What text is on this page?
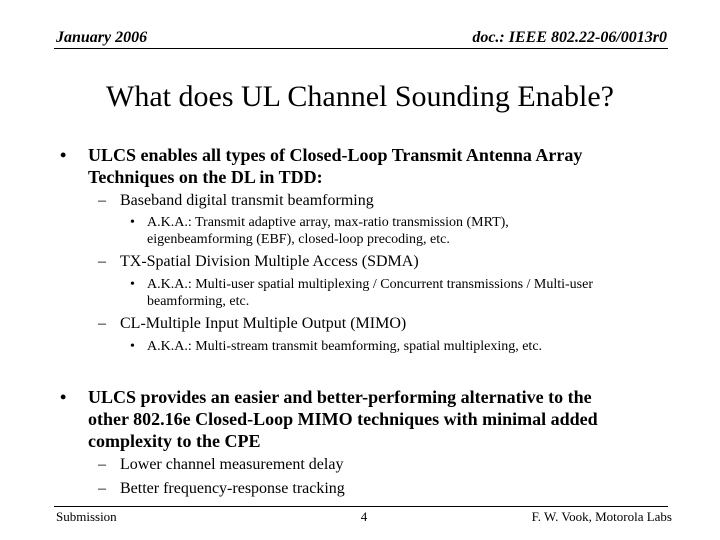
January 2006	doc.: IEEE 802.22-06/0013r0
What does UL Channel Sounding Enable?
• ULCS enables all types of Closed-Loop Transmit Antenna Array
Techniques on the DL in TDD:
– Baseband digital transmit beamforming
• A.K.A.: Transmit adaptive array, max-ratio transmission (MRT),
eigenbeamforming (EBF), closed-loop precoding, etc.
– TX-Spatial Division Multiple Access (SDMA)
• A.K.A.: Multi-user spatial multiplexing / Concurrent transmissions / Multi-user
beamforming, etc.
– CL-Multiple Input Multiple Output (MIMO)
• A.K.A.: Multi-stream transmit beamforming, spatial multiplexing, etc.
• ULCS provides an easier and better-performing alternative to the
other 802.16e Closed-Loop MIMO techniques with minimal added
complexity to the CPE
– Lower channel measurement delay
– Better frequency-response tracking
Submission	4	F. W. Vook, Motorola Labs
